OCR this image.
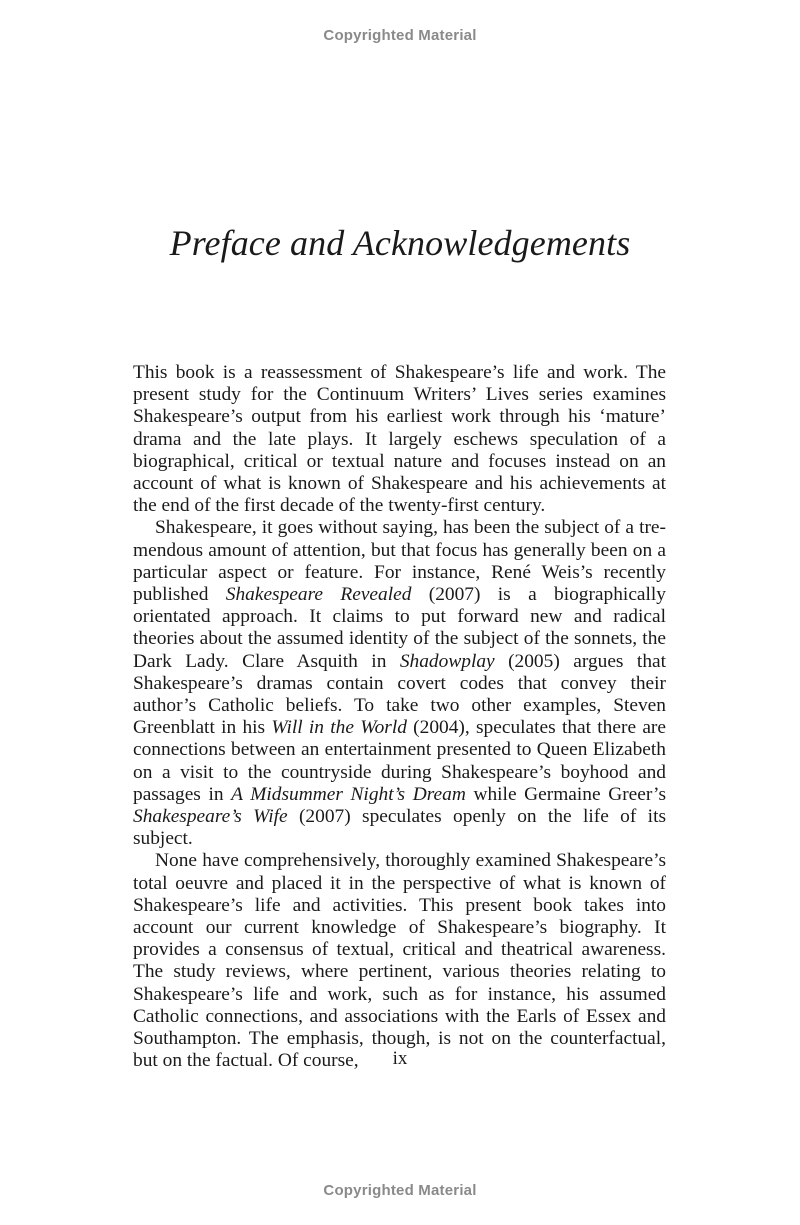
Copyrighted Material
Preface and Acknowledgements

This book is a reassessment of Shakespeare’s life and work. The present study for the Continuum Writers’ Lives series examines Shakespeare’s output from his earliest work through his ‘mature’ drama and the late plays. It largely eschews speculation of a biographical, critical or textual nature and focuses instead on an account of what is known of Shakespeare and his achievements at the end of the first decade of the twenty-first century.

Shakespeare, it goes without saying, has been the subject of a tremendous amount of attention, but that focus has generally been on a particular aspect or feature. For instance, René Weis’s recently published Shakespeare Revealed (2007) is a biographically orientated approach. It claims to put forward new and radical theories about the assumed identity of the subject of the sonnets, the Dark Lady. Clare Asquith in Shadowplay (2005) argues that Shakespeare’s dramas contain covert codes that convey their author’s Catholic beliefs. To take two other examples, Steven Greenblatt in his Will in the World (2004), speculates that there are connections between an entertainment presented to Queen Elizabeth on a visit to the countryside during Shakespeare’s boyhood and passages in A Midsummer Night’s Dream while Germaine Greer’s Shakespeare’s Wife (2007) speculates openly on the life of its subject.

None have comprehensively, thoroughly examined Shakespeare’s total oeuvre and placed it in the perspective of what is known of Shakespeare’s life and activities. This present book takes into account our current knowledge of Shakespeare’s biography. It provides a consensus of textual, critical and theatrical awareness. The study reviews, where pertinent, various theories relating to Shakespeare’s life and work, such as for instance, his assumed Catholic connections, and associations with the Earls of Essex and Southampton. The emphasis, though, is not on the counterfactual, but on the factual. Of course,	ix
Copyrighted Material
